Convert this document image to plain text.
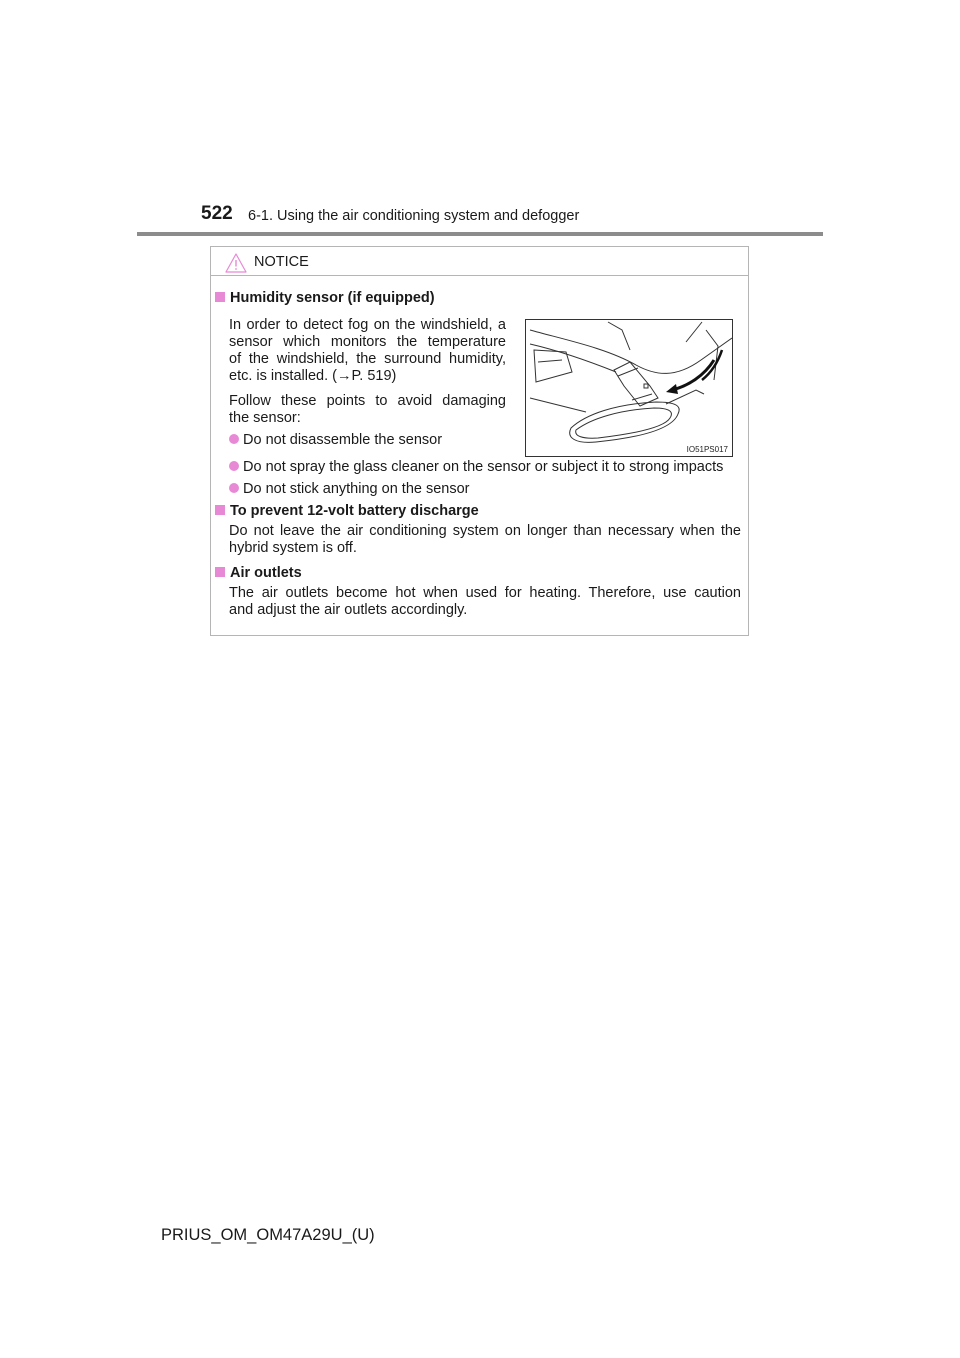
522 6-1. Using the air conditioning system and defogger
NOTICE
Humidity sensor (if equipped)
In order to detect fog on the windshield, a
sensor which monitors the temperature
of the windshield, the surround humidity,
etc. is installed. (→P. 519)
Follow these points to avoid damaging
the sensor:
Do not disassemble the sensor
Do not spray the glass cleaner on the sensor or subject it to strong impacts
Do not stick anything on the sensor
IO51PS017
To prevent 12-volt battery discharge
Do not leave the air conditioning system on longer than necessary when the
hybrid system is off.
Air outlets
The air outlets become hot when used for heating. Therefore, use caution
and adjust the air outlets accordingly.
PRIUS_OM_OM47A29U_(U)
